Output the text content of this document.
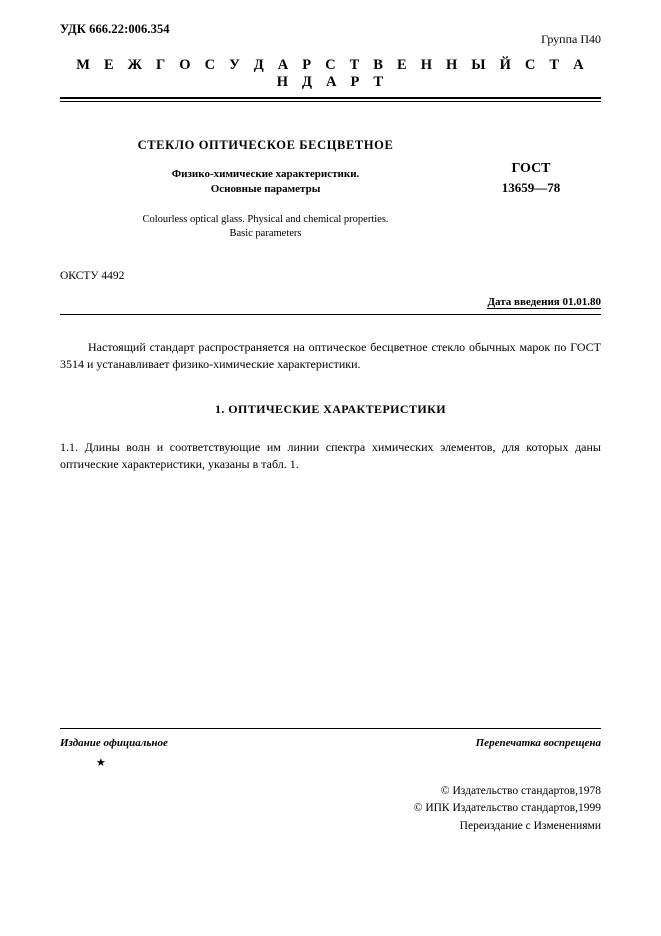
УДК 666.22:006.354
Группа П40
М Е Ж Г О С У Д А Р С Т В Е Н Н Ы Й С Т А Н Д А Р Т
СТЕКЛО ОПТИЧЕСКОЕ БЕСЦВЕТНОЕ
Физико-химические характеристики.
Основные параметры
Colourless optical glass. Physical and chemical properties.
Basic parameters
ГОСТ
13659—78
ОКСТУ 4492
Дата введения 01.01.80
Настоящий стандарт распространяется на оптическое бесцветное стекло обычных марок по ГОСТ 3514 и устанавливает физико-химические характеристики.
1. ОПТИЧЕСКИЕ ХАРАКТЕРИСТИКИ
1.1. Длины волн и соответствующие им линии спектра химических элементов, для которых даны оптические характеристики, указаны в табл. 1.
Издание официальное	Перепечатка воспрещена
★
© Издательство стандартов,1978
© ИПК Издательство стандартов,1999
Переиздание с Изменениями
